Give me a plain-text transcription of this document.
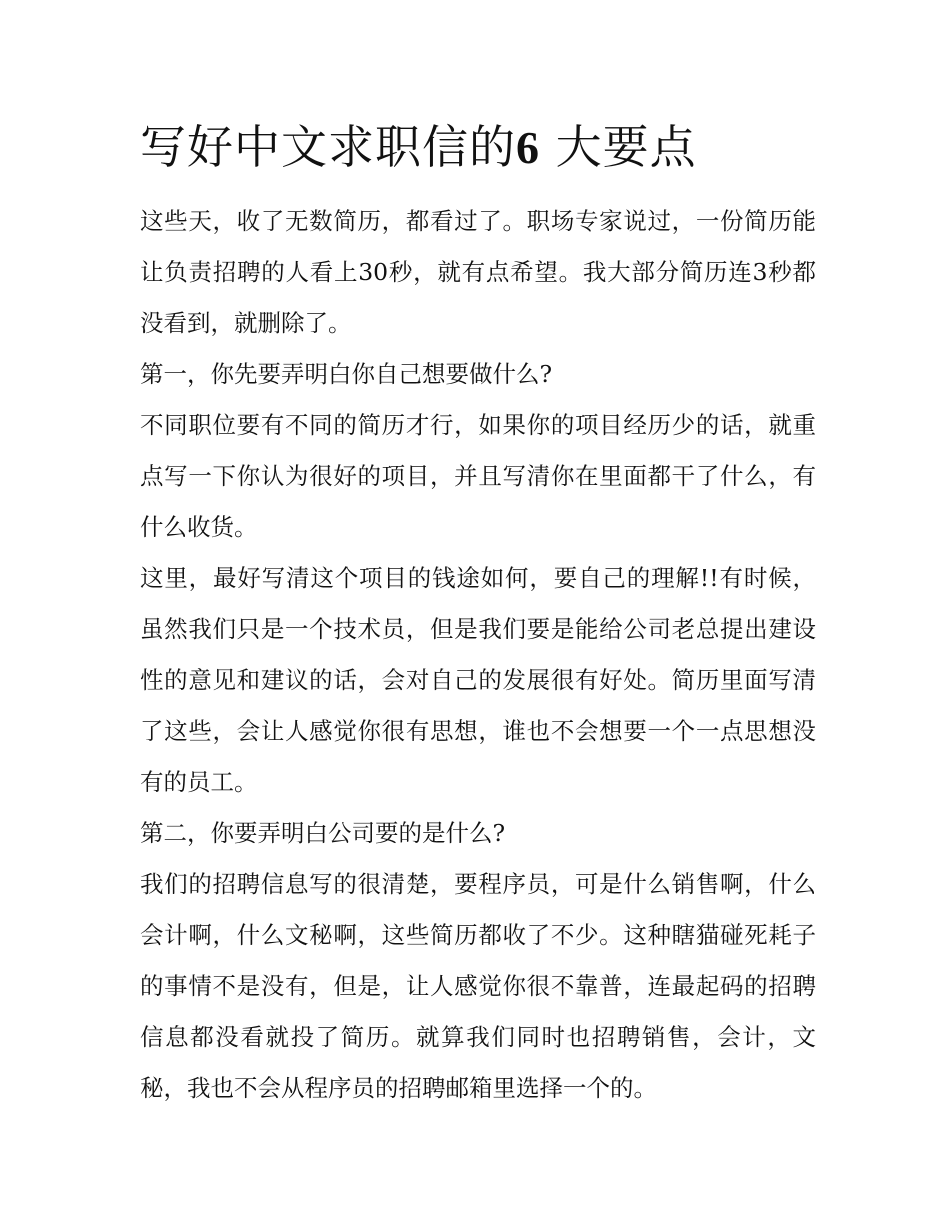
写好中文求职信的6 大要点

这些天，收了无数简历，都看过了。职场专家说过，一份简历能让负责招聘的人看上30秒，就有点希望。我大部分简历连3秒都没看到，就删除了。

第一，你先要弄明白你自己想要做什么?

不同职位要有不同的简历才行，如果你的项目经历少的话，就重点写一下你认为很好的项目，并且写清你在里面都干了什么，有什么收货。

这里，最好写清这个项目的钱途如何，要自己的理解!!有时候，虽然我们只是一个技术员，但是我们要是能给公司老总提出建设性的意见和建议的话，会对自己的发展很有好处。简历里面写清了这些，会让人感觉你很有思想，谁也不会想要一个一点思想没有的员工。

第二，你要弄明白公司要的是什么?

我们的招聘信息写的很清楚，要程序员，可是什么销售啊，什么会计啊，什么文秘啊，这些简历都收了不少。这种瞎猫碰死耗子的事情不是没有，但是，让人感觉你很不靠普，连最起码的招聘信息都没看就投了简历。就算我们同时也招聘销售，会计，文秘，我也不会从程序员的招聘邮箱里选择一个的。
